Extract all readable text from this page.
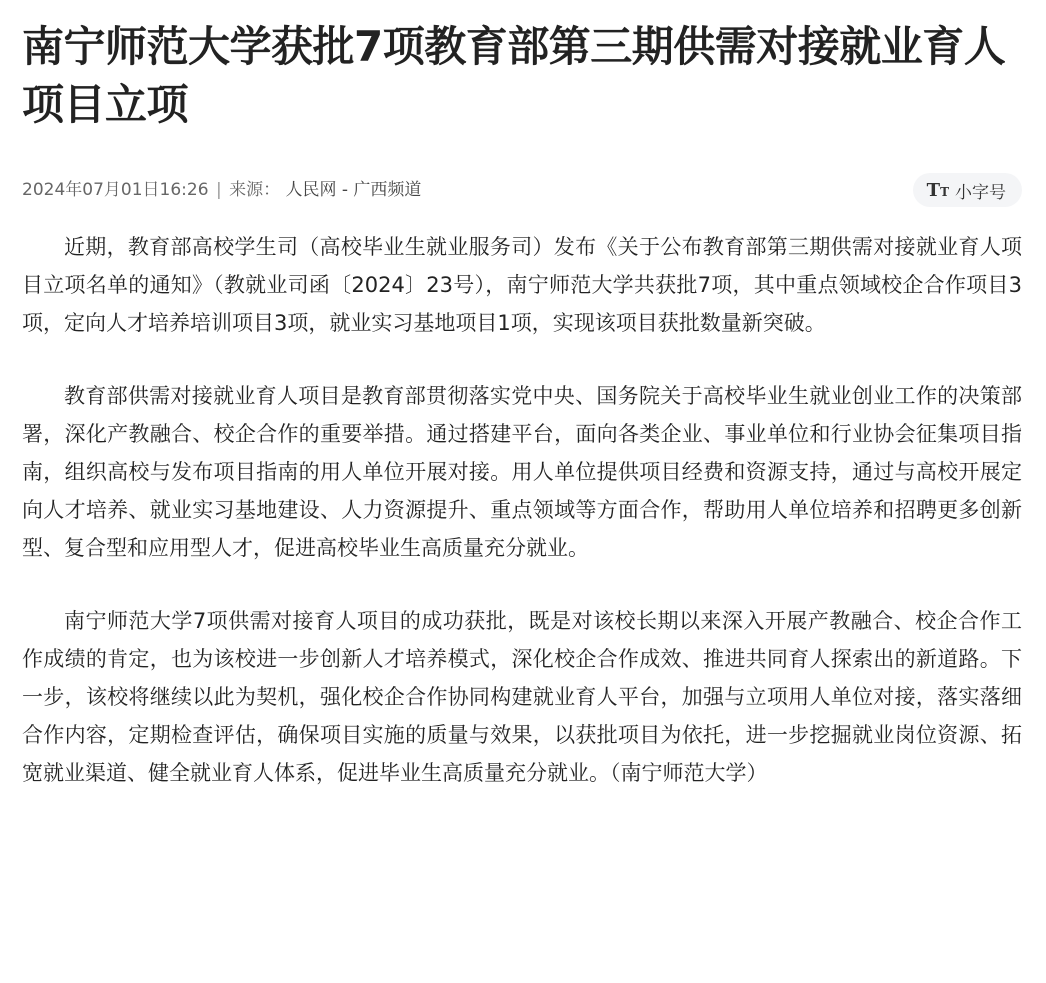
南宁师范大学获批7项教育部第三期供需对接就业育人项目立项
2024年07月01日16:26 | 来源： 人民网 - 广西频道	T T 小字号

近期，教育部高校学生司（高校毕业生就业服务司）发布《关于公布教育部第三期供需对接就业育人项目立项名单的通知》（教就业司函〔2024〕23号），南宁师范大学共获批7项，其中重点领域校企合作项目3项，定向人才培养培训项目3项，就业实习基地项目1项，实现该项目获批数量新突破。

教育部供需对接就业育人项目是教育部贯彻落实党中央、国务院关于高校毕业生就业创业工作的决策部署，深化产教融合、校企合作的重要举措。通过搭建平台，面向各类企业、事业单位和行业协会征集项目指南，组织高校与发布项目指南的用人单位开展对接。用人单位提供项目经费和资源支持，通过与高校开展定向人才培养、就业实习基地建设、人力资源提升、重点领域等方面合作，帮助用人单位培养和招聘更多创新型、复合型和应用型人才，促进高校毕业生高质量充分就业。

南宁师范大学7项供需对接育人项目的成功获批，既是对该校长期以来深入开展产教融合、校企合作工作成绩的肯定，也为该校进一步创新人才培养模式，深化校企合作成效、推进共同育人探索出的新道路。下一步，该校将继续以此为契机，强化校企合作协同构建就业育人平台，加强与立项用人单位对接，落实落细合作内容，定期检查评估，确保项目实施的质量与效果，以获批项目为依托，进一步挖掘就业岗位资源、拓宽就业渠道、健全就业育人体系，促进毕业生高质量充分就业。（南宁师范大学）
